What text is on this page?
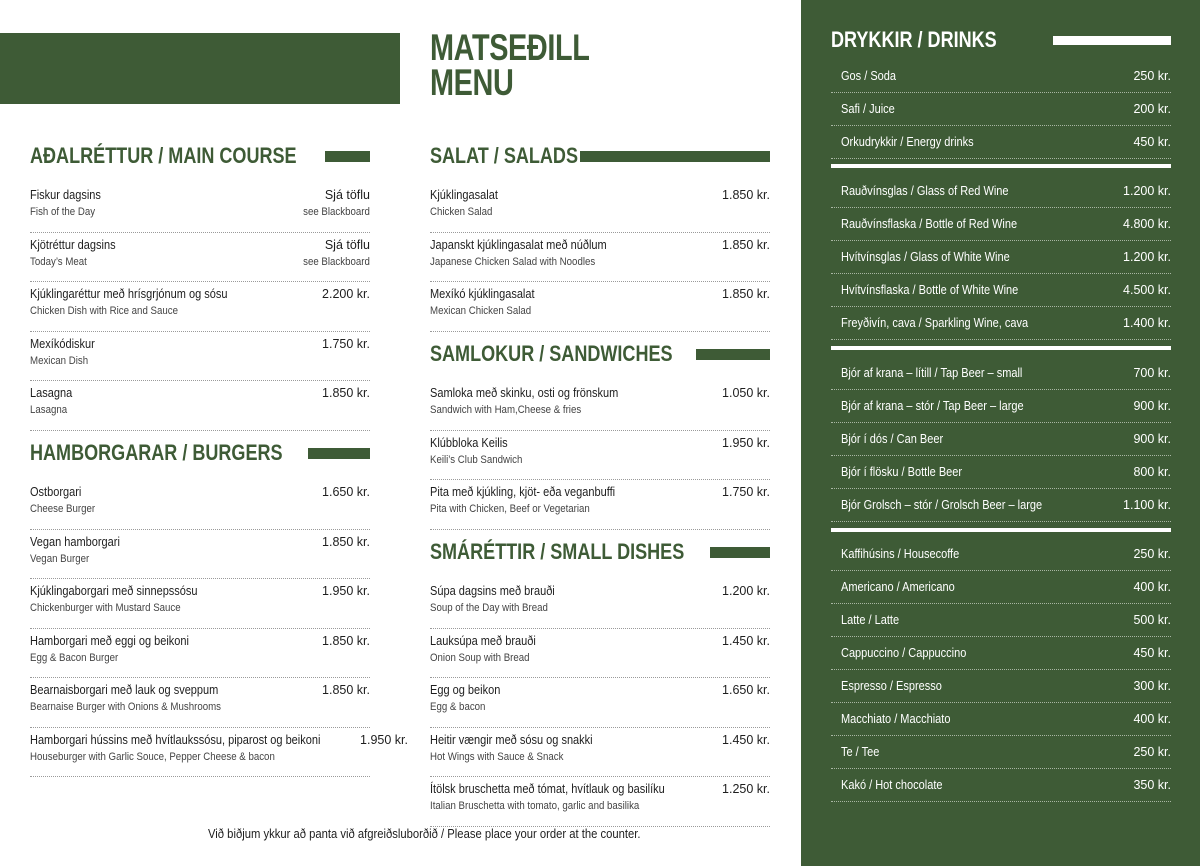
MATSEÐILL
MENU
AÐALRÉTTUR / MAIN COURSE
Fiskur dagsins
Fish of the Day
Sjá töflu
see Blackboard
Kjötréttur dagsins
Today’s Meat
Sjá töflu
see Blackboard
Kjúklingaréttur með hrísgrjónum og sósu
Chicken Dish with Rice and Sauce
2.200 kr.
Mexíkódiskur
Mexican Dish
1.750 kr.
Lasagna
Lasagna
1.850 kr.
HAMBORGARAR / BURGERS
Ostborgari
Cheese Burger
1.650 kr.
Vegan hamborgari
Vegan Burger
1.850 kr.
Kjúklingaborgari með sinnepssósu
Chickenburger with Mustard Sauce
1.950 kr.
Hamborgari með eggi og beikoni
Egg & Bacon Burger
1.850 kr.
Bearnaisborgari með lauk og sveppum
Bearnaise Burger with Onions & Mushrooms
1.850 kr.
Hamborgari hússins með hvítlaukssósu, piparost og beikoni
Houseburger with Garlic Souce, Pepper Cheese & bacon
1.950 kr.
SALAT / SALADS
Kjúklingasalat
Chicken Salad
1.850 kr.
Japanskt kjúklingasalat með núðlum
Japanese Chicken Salad with Noodles
1.850 kr.
Mexíkó kjúklingasalat
Mexican Chicken Salad
1.850 kr.
SAMLOKUR / SANDWICHES
Samloka með skinku, osti og frönskum
Sandwich with Ham,Cheese & fries
1.050 kr.
Klúbbloka Keilis
Keili’s Club Sandwich
1.950 kr.
Pita með kjúkling, kjöt- eða veganbuffi
Pita with Chicken, Beef or Vegetarian
1.750 kr.
SMÁRÉTTIR / SMALL DISHES
Súpa dagsins með brauði
Soup of the Day with Bread
1.200 kr.
Lauksúpa með brauði
Onion Soup with Bread
1.450 kr.
Egg og beikon
Egg & bacon
1.650 kr.
Heitir vængir með sósu og snakki
Hot Wings with Sauce & Snack
1.450 kr.
Ítölsk bruschetta með tómat, hvítlauk og basilíku
Italian Bruschetta with tomato, garlic and basilika
1.250 kr.
Við biðjum ykkur að panta við afgreiðsluborðið / Please place your order at the counter.
DRYKKIR / DRINKS
Gos / Soda	250 kr.
Safi / Juice	200 kr.
Orkudrykkir / Energy drinks	450 kr.
Rauðvínsglas / Glass of Red Wine	1.200 kr.
Rauðvínsflaska / Bottle of Red Wine	4.800 kr.
Hvítvínsglas / Glass of White Wine	1.200 kr.
Hvítvínsflaska / Bottle of White Wine	4.500 kr.
Freyðivín, cava / Sparkling Wine, cava	1.400 kr.
Bjór af krana – lítill / Tap Beer – small	700 kr.
Bjór af krana – stór / Tap Beer – large	900 kr.
Bjór í dós / Can Beer	900 kr.
Bjór í flösku / Bottle Beer	800 kr.
Bjór Grolsch – stór / Grolsch Beer – large	1.100 kr.
Kaffihúsins / Housecoffe	250 kr.
Americano / Americano	400 kr.
Latte / Latte	500 kr.
Cappuccino / Cappuccino	450 kr.
Espresso / Espresso	300 kr.
Macchiato / Macchiato	400 kr.
Te / Tee	250 kr.
Kakó / Hot chocolate	350 kr.
